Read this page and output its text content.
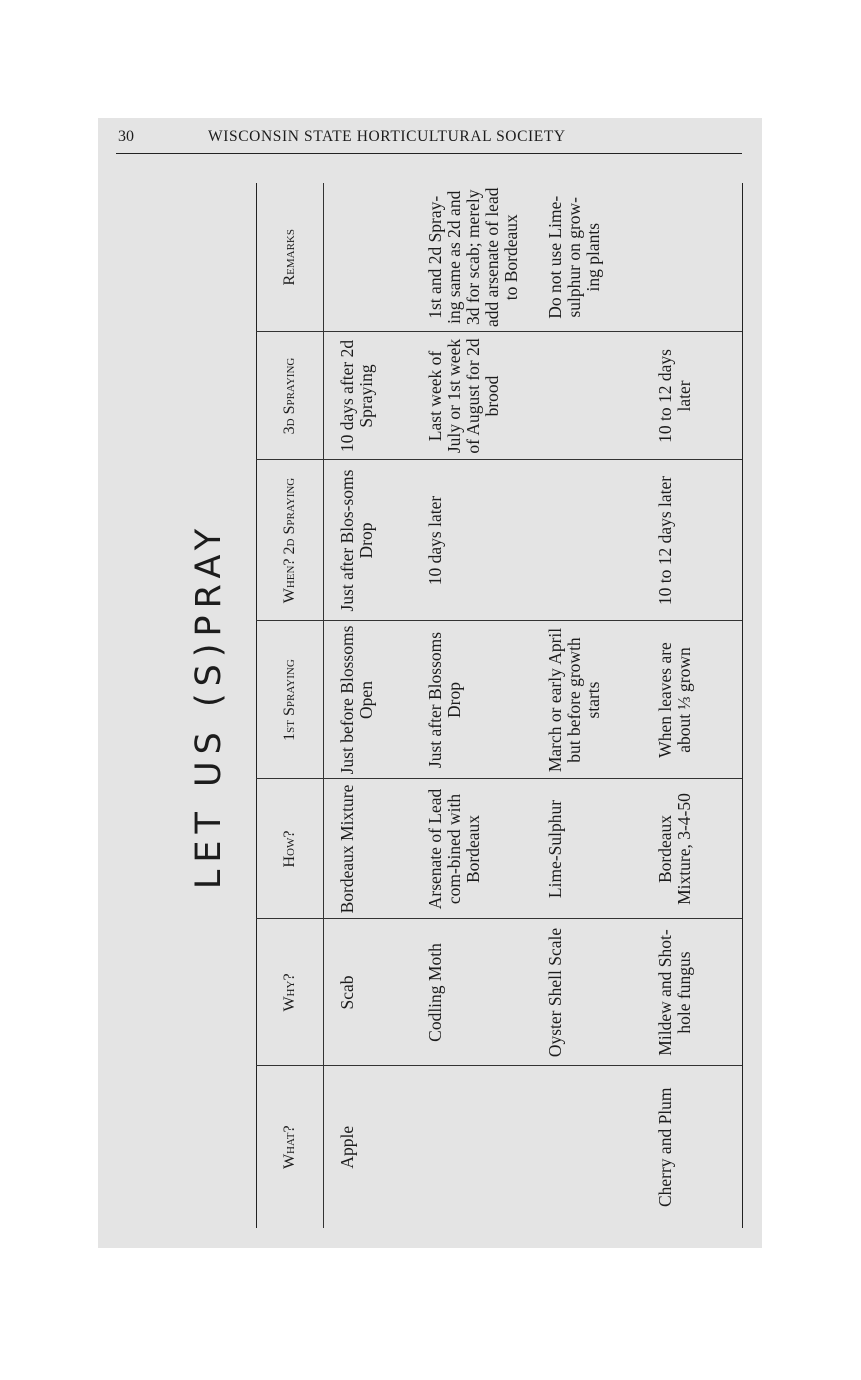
30	WISCONSIN STATE HORTICULTURAL SOCIETY
LET US (S)PRAY
What?	Why?	How?	1st Spraying	When? 2d Spraying	3d Spraying	Remarks
Apple	Scab	Bordeaux Mixture	Just before Blossoms Open	Just after Blos-soms Drop	10 days after 2d Spraying	
	Codling Moth	Arsenate of Lead com-bined with Bordeaux	Just after Blossoms Drop	10 days later	Last week of July or 1st week of August for 2d brood	1st and 2d Spray-ing same as 2d and 3d for scab; merely add arsenate of lead to Bordeaux
	Oyster Shell Scale	Lime-Sulphur	March or early April but before growth starts			Do not use Lime-sulphur on grow-ing plants
Cherry and Plum	Mildew and Shot-hole fungus	Bordeaux Mixture, 3-4-50	When leaves are about ⅓ grown	10 to 12 days later	10 to 12 days later	
